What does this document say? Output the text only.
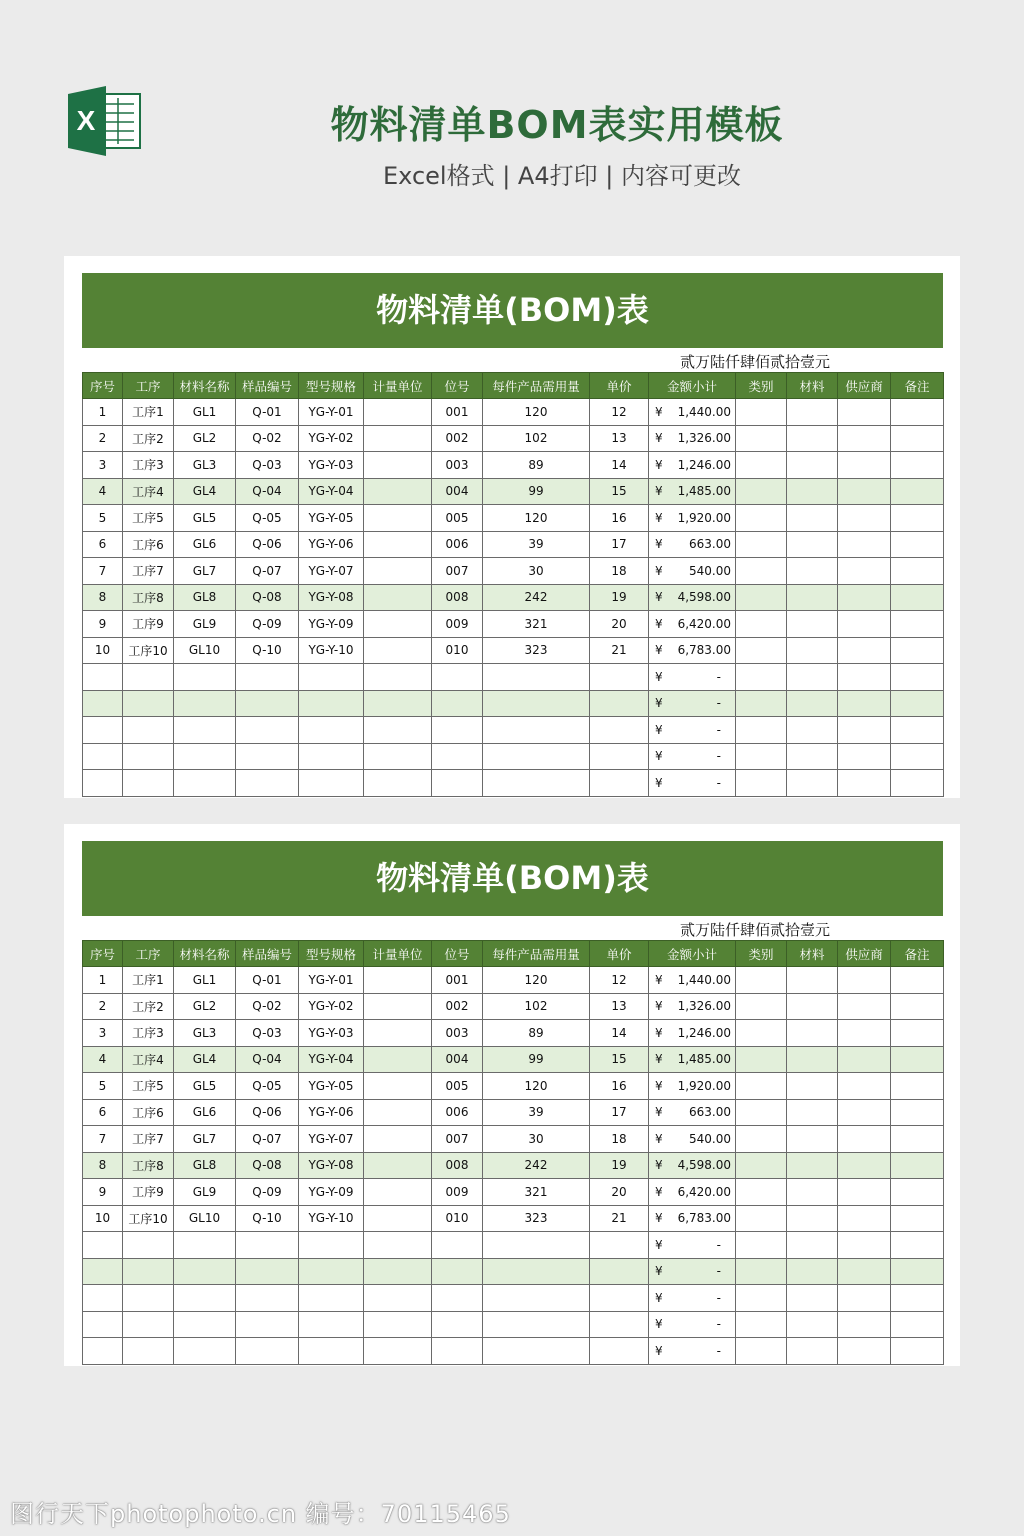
X	物料清单BOM表实用模板
Excel格式 | A4打印 | 内容可更改
物料清单(BOM)表
贰万陆仟肆佰贰拾壹元
序号	工序	材料名称	样品编号	型号规格	计量单位	位号	每件产品需用量	单价	金额小计	类别	材料	供应商	备注
1	工序1	GL1	Q-01	YG-Y-01		001	120	12	¥ 1,440.00				

2	工序2	GL2	Q-02	YG-Y-02		002	102	13	¥ 1,326.00				

3	工序3	GL3	Q-03	YG-Y-03		003	89	14	¥ 1,246.00				

4	工序4	GL4	Q-04	YG-Y-04		004	99	15	¥ 1,485.00				

5	工序5	GL5	Q-05	YG-Y-05		005	120	16	¥ 1,920.00				

6	工序6	GL6	Q-06	YG-Y-06		006	39	17	¥ 663.00				

7	工序7	GL7	Q-07	YG-Y-07		007	30	18	¥ 540.00				

8	工序8	GL8	Q-08	YG-Y-08		008	242	19	¥ 4,598.00				

9	工序9	GL9	Q-09	YG-Y-09		009	321	20	¥ 6,420.00				

10	工序10	GL10	Q-10	YG-Y-10		010	323	21	¥ 6,783.00				

									¥ -				

									¥ -				

									¥ -				

									¥ -				

									¥ -				

物料清单(BOM)表
贰万陆仟肆佰贰拾壹元
序号	工序	材料名称	样品编号	型号规格	计量单位	位号	每件产品需用量	单价	金额小计	类别	材料	供应商	备注
1	工序1	GL1	Q-01	YG-Y-01		001	120	12	¥ 1,440.00				

2	工序2	GL2	Q-02	YG-Y-02		002	102	13	¥ 1,326.00				

3	工序3	GL3	Q-03	YG-Y-03		003	89	14	¥ 1,246.00				

4	工序4	GL4	Q-04	YG-Y-04		004	99	15	¥ 1,485.00				

5	工序5	GL5	Q-05	YG-Y-05		005	120	16	¥ 1,920.00				

6	工序6	GL6	Q-06	YG-Y-06		006	39	17	¥ 663.00				

7	工序7	GL7	Q-07	YG-Y-07		007	30	18	¥ 540.00				

8	工序8	GL8	Q-08	YG-Y-08		008	242	19	¥ 4,598.00				

9	工序9	GL9	Q-09	YG-Y-09		009	321	20	¥ 6,420.00				

10	工序10	GL10	Q-10	YG-Y-10		010	323	21	¥ 6,783.00				

									¥ -				

									¥ -				

									¥ -				

									¥ -				

									¥ -				

图行天下photophoto.cn 编号：70115465
